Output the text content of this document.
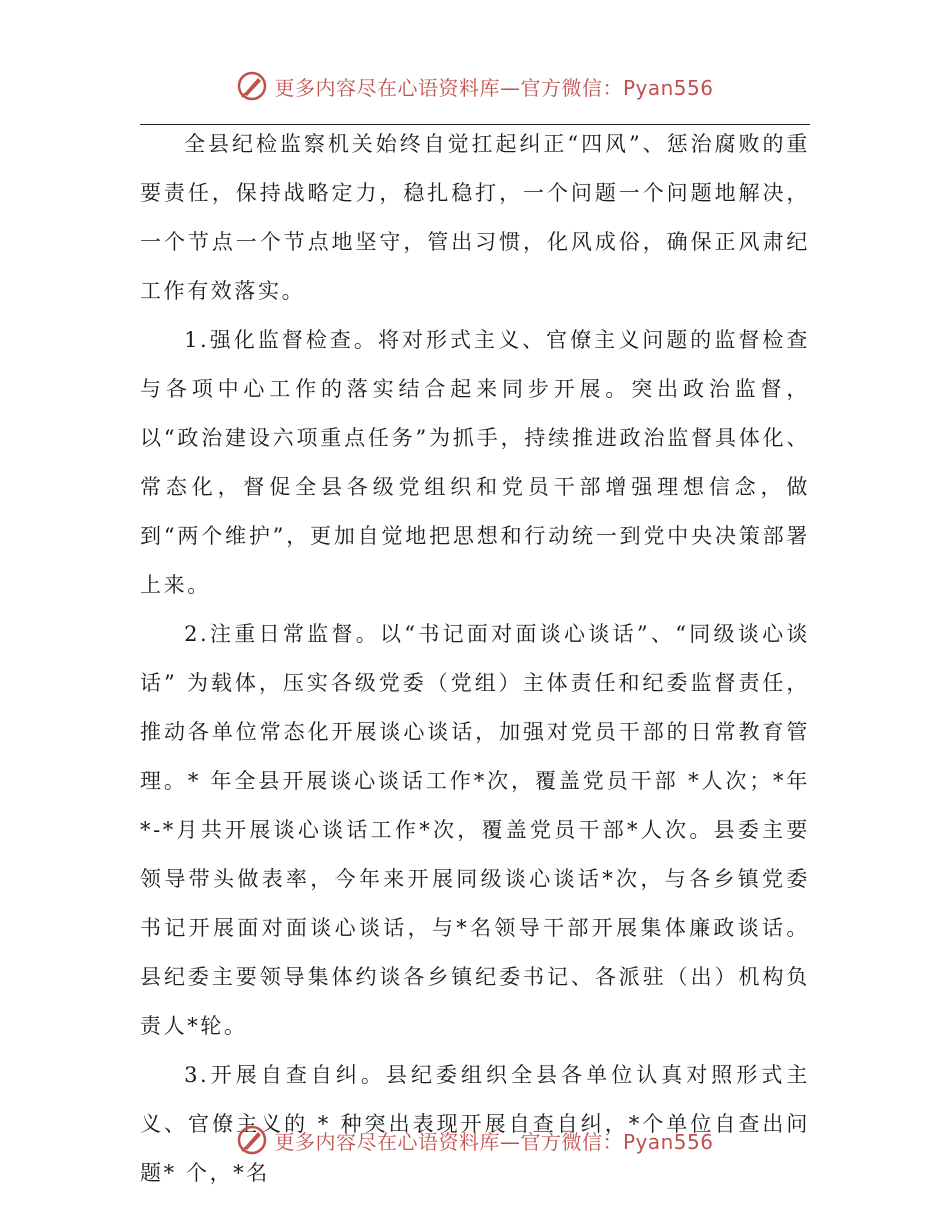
更多内容尽在心语资料库—官方微信：Pyan556

全县纪检监察机关始终自觉扛起纠正“四风”、惩治腐败的重要责任，保持战略定力，稳扎稳打，一个问题一个问题地解决，一个节点一个节点地坚守，管出习惯，化风成俗，确保正风肃纪工作有效落实。

1.强化监督检查。将对形式主义、官僚主义问题的监督检查与各项中心工作的落实结合起来同步开展。突出政治监督，以“政治建设六项重点任务”为抓手，持续推进政治监督具体化、常态化，督促全县各级党组织和党员干部增强理想信念，做到“两个维护”，更加自觉地把思想和行动统一到党中央决策部署上来。

2.注重日常监督。以“书记面对面谈心谈话”、“同级谈心谈话” 为载体，压实各级党委（党组）主体责任和纪委监督责任，推动各单位常态化开展谈心谈话，加强对党员干部的日常教育管理。* 年全县开展谈心谈话工作*次，覆盖党员干部 *人次；*年*-*月共开展谈心谈话工作*次，覆盖党员干部*人次。县委主要领导带头做表率，今年来开展同级谈心谈话*次，与各乡镇党委书记开展面对面谈心谈话，与*名领导干部开展集体廉政谈话。县纪委主要领导集体约谈各乡镇纪委书记、各派驻（出）机构负责人*轮。

3.开展自查自纠。县纪委组织全县各单位认真对照形式主义、官僚主义的 * 种突出表现开展自查自纠，*个单位自查出问题* 个，*名

更多内容尽在心语资料库—官方微信：Pyan556
